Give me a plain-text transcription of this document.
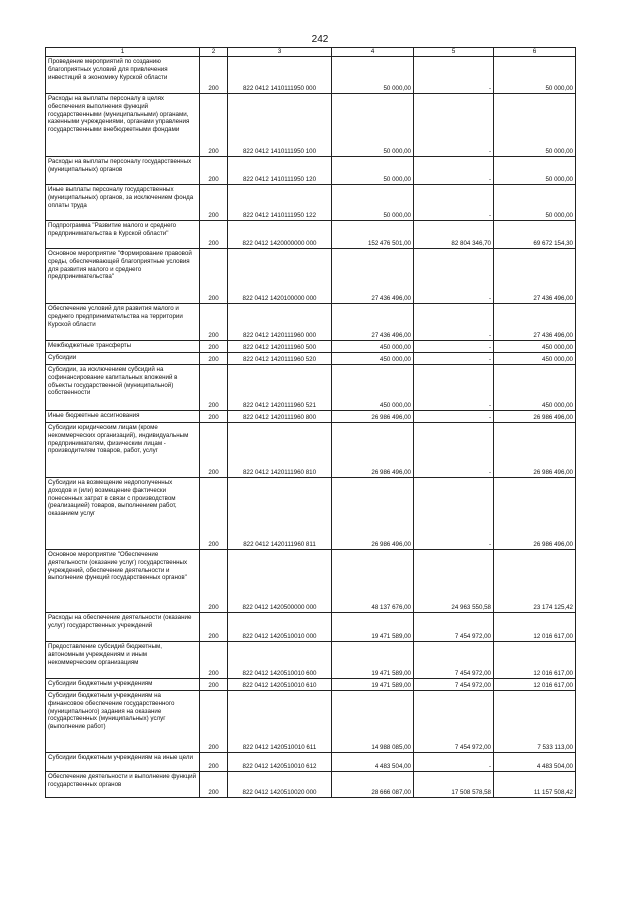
242
1	2	3	4	5	6
Проведение мероприятий по созданию благоприятных условий для привлечения инвестиций в экономику Курской области	200	822 0412 1410111950 000	50 000,00	-	50 000,00
Расходы на выплаты персоналу в целях обеспечения выполнения функций государственными (муниципальными) органами, казенными учреждениями, органами управления государственными внебюджетными фондами	200	822 0412 1410111950 100	50 000,00	-	50 000,00
Расходы на выплаты персоналу государственных (муниципальных) органов	200	822 0412 1410111950 120	50 000,00	-	50 000,00
Иные выплаты персоналу государственных (муниципальных) органов, за исключением фонда оплаты труда	200	822 0412 1410111950 122	50 000,00	-	50 000,00
Подпрограмма "Развитие малого и среднего предпринимательства в Курской области"	200	822 0412 1420000000 000	152 476 501,00	82 804 346,70	69 672 154,30
Основное мероприятие "Формирование правовой среды, обеспечивающей благоприятные условия для развития малого и среднего предпринимательства"	200	822 0412 1420100000 000	27 436 496,00	-	27 436 496,00
Обеспечение условий для развития малого и среднего предпринимательства на территории Курской области	200	822 0412 1420111960 000	27 436 496,00	-	27 436 496,00
Межбюджетные трансферты	200	822 0412 1420111960 500	450 000,00	-	450 000,00
Субсидии	200	822 0412 1420111960 520	450 000,00	-	450 000,00
Субсидии, за исключением субсидий на софинансирование капитальных вложений в объекты государственной (муниципальной) собственности	200	822 0412 1420111960 521	450 000,00	-	450 000,00
Иные бюджетные ассигнования	200	822 0412 1420111960 800	26 986 496,00	-	26 986 496,00
Субсидии юридическим лицам (кроме некоммерческих организаций), индивидуальным предпринимателям, физическим лицам - производителям товаров, работ, услуг	200	822 0412 1420111960 810	26 986 496,00	-	26 986 496,00
Субсидии на возмещение недополученных доходов и (или) возмещение фактически понесенных затрат в связи с производством (реализацией) товаров, выполнением работ, оказанием услуг	200	822 0412 1420111960 811	26 986 496,00	-	26 986 496,00
Основное мероприятие "Обеспечение деятельности (оказание услуг) государственных учреждений, обеспечение деятельности и выполнение функций государственных органов"	200	822 0412 1420500000 000	48 137 676,00	24 963 550,58	23 174 125,42
Расходы на обеспечение деятельности (оказание услуг) государственных учреждений	200	822 0412 1420510010 000	19 471 589,00	7 454 972,00	12 016 617,00
Предоставление субсидий бюджетным, автономным учреждениям и иным некоммерческим организациям	200	822 0412 1420510010 600	19 471 589,00	7 454 972,00	12 016 617,00
Субсидии бюджетным учреждениям	200	822 0412 1420510010 610	19 471 589,00	7 454 972,00	12 016 617,00
Субсидии бюджетным учреждениям на финансовое обеспечение государственного (муниципального) задания на оказание государственных (муниципальных) услуг (выполнение работ)	200	822 0412 1420510010 611	14 988 085,00	7 454 972,00	7 533 113,00
Субсидии бюджетным учреждениям на иные цели	200	822 0412 1420510010 612	4 483 504,00	-	4 483 504,00
Обеспечение деятельности и выполнение функций государственных органов	200	822 0412 1420510020 000	28 666 087,00	17 508 578,58	11 157 508,42
